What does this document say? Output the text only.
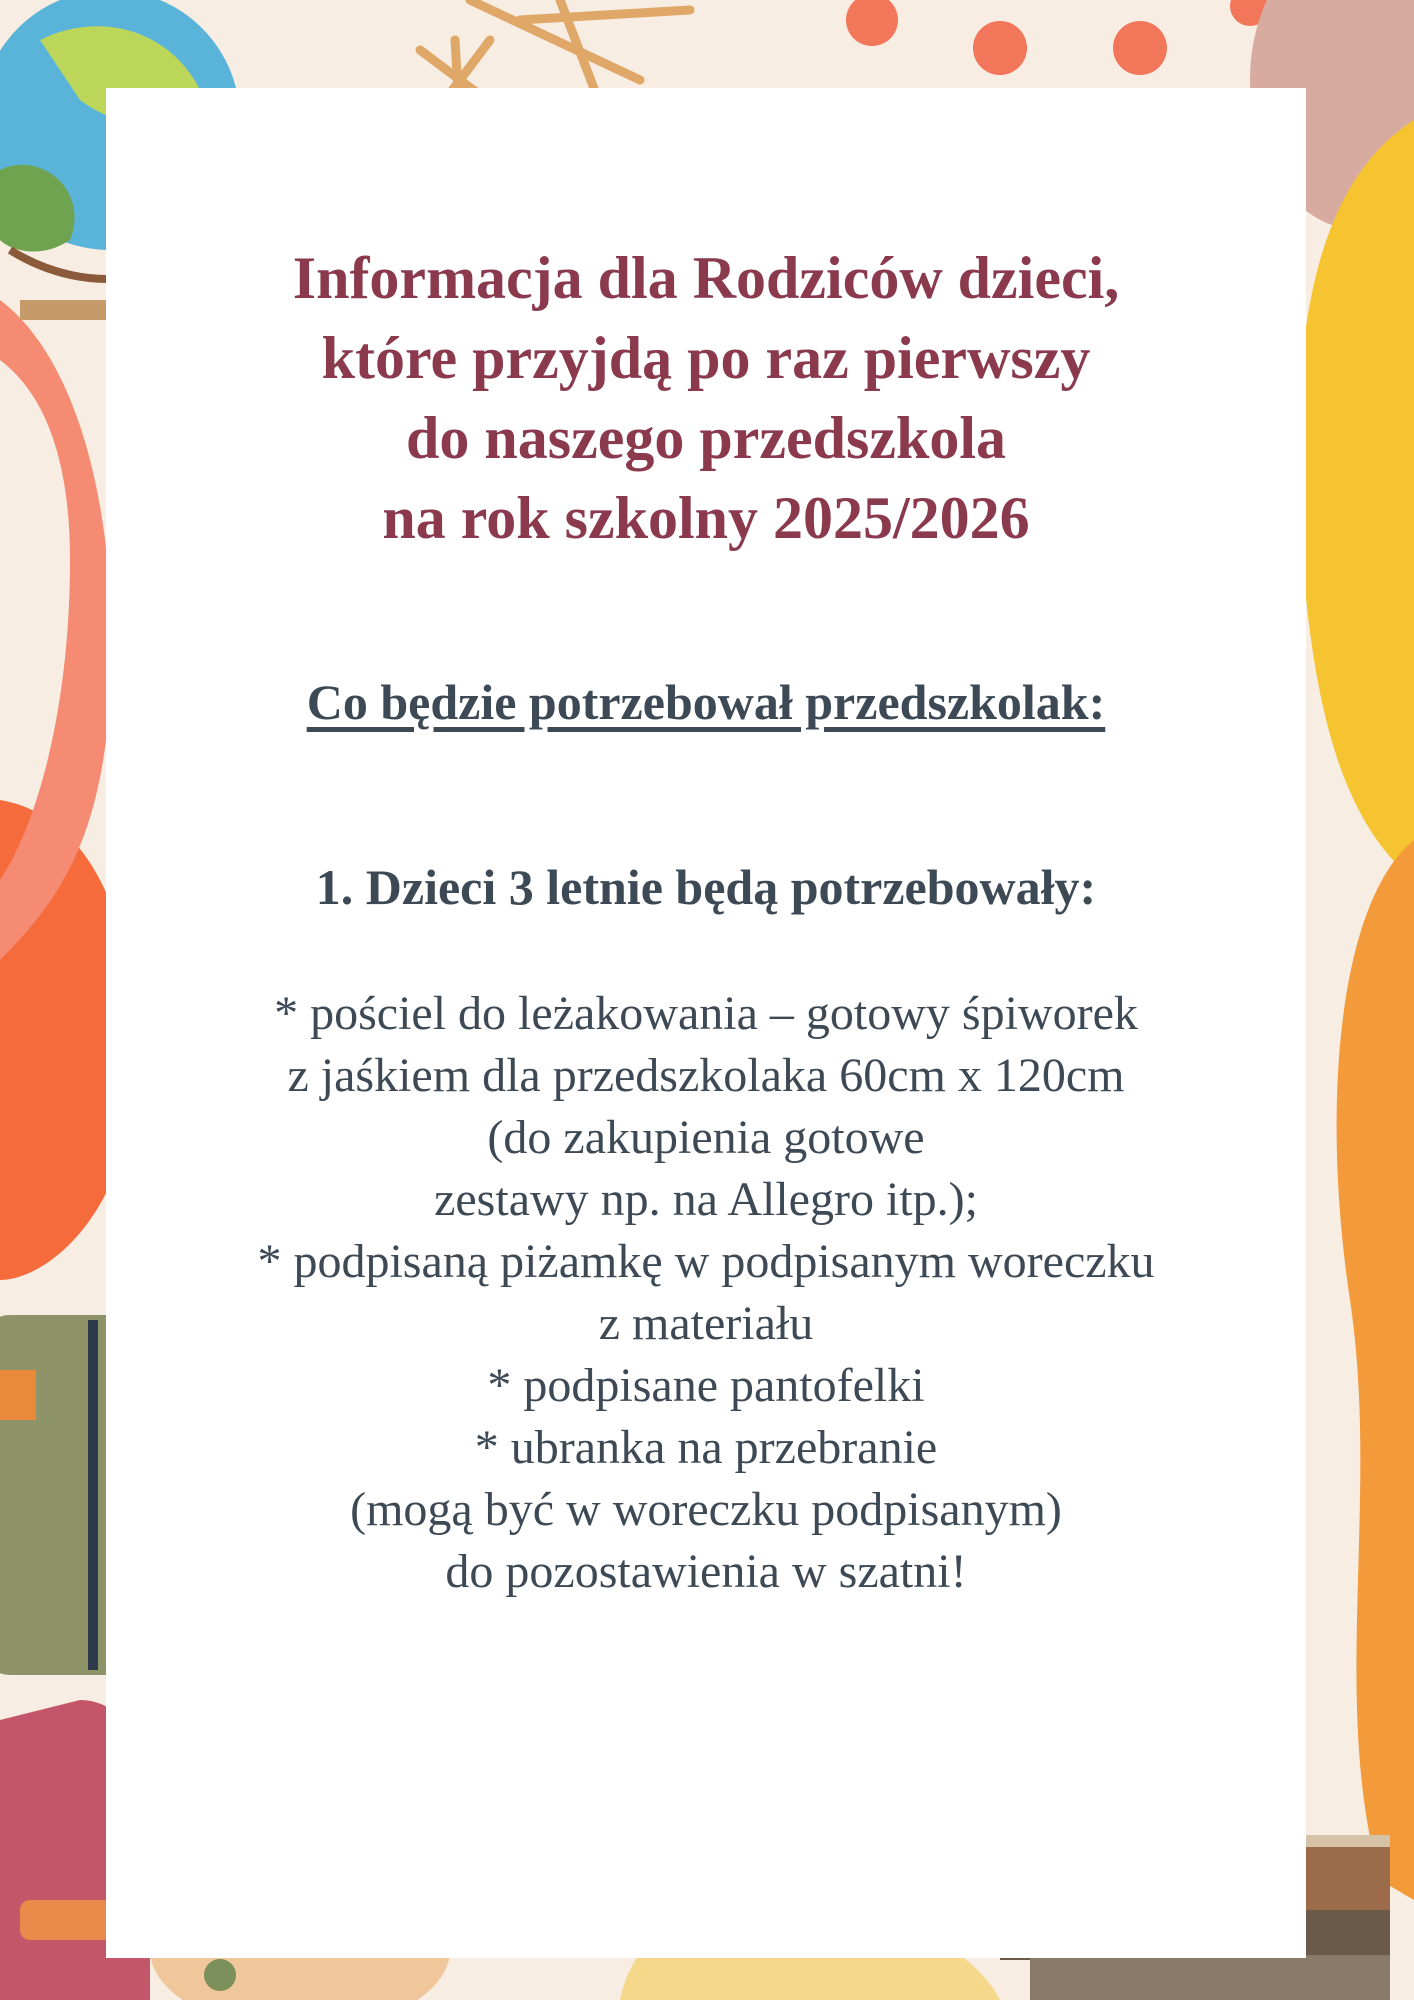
Informacja dla Rodziców dzieci,
które przyjdą po raz pierwszy
do naszego przedszkola
na rok szkolny 2025/2026
Co będzie potrzebował przedszkolak:
1. Dzieci 3 letnie będą potrzebowały:
* pościel do leżakowania – gotowy śpiworek
z jaśkiem dla przedszkolaka 60cm x 120cm
(do zakupienia gotowe
zestawy np. na Allegro itp.);
* podpisaną piżamkę w podpisanym woreczku
z materiału
* podpisane pantofelki
* ubranka na przebranie
(mogą być w woreczku podpisanym)
do pozostawienia w szatni!
